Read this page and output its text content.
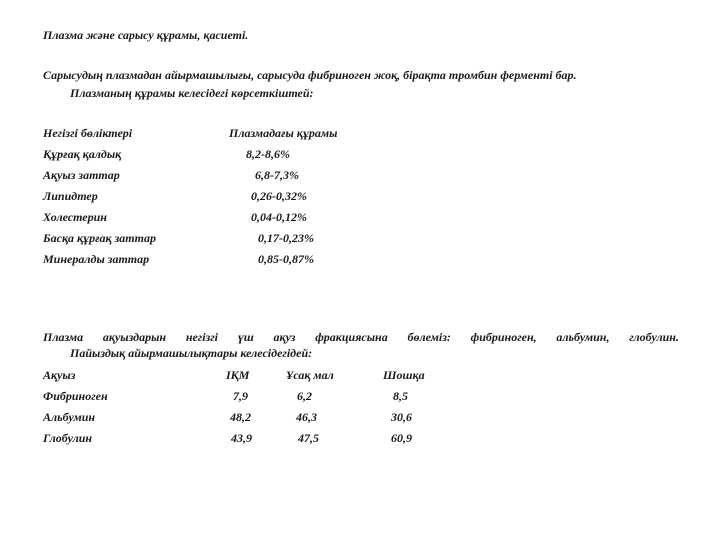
Плазма және сарысу құрамы, қасиеті.
Сарысудың плазмадан айырмашылығы, сарысуда фибриноген жоқ, бірақта тромбин ферменті бар.
Плазманың құрамы келесідегі көрсеткіштей:
Негізгі бөліктері	Плазмадағы құрамы
Құрғақ қалдық	8,2-8,6%
Ақуыз заттар	6,8-7,3%
Липидтер	0,26-0,32%
Холестерин	0,04-0,12%
Басқа құрғақ заттар	0,17-0,23%
Минералды заттар	0,85-0,87%
Плазма ақуыздарын негізгі үш ақуз фракциясына бөлеміз: фибриноген, альбумин, глобулин.
Пайыздық айырмашылықтары келесідегідей:
Ақуыз	ІҚМ	Ұсақ мал	Шошқа
Фибриноген	7,9	6,2	8,5
Альбумин	48,2	46,3	30,6
Глобулин	43,9	47,5	60,9
